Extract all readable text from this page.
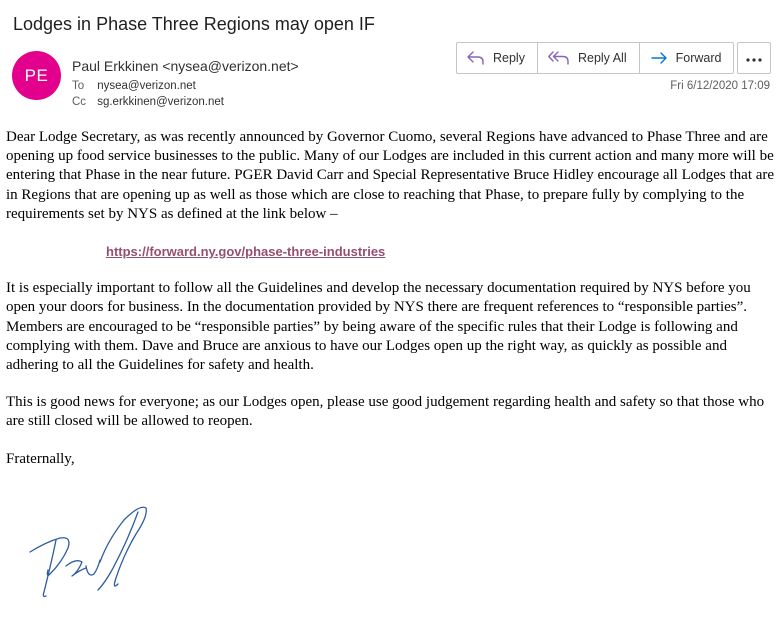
Lodges in Phase Three Regions may open IF
PE Paul Erkkinen <nysea@verizon.net>
To nysea@verizon.net
Cc sg.erkkinen@verizon.net
Reply	Reply All	Forward
Fri 6/12/2020 17:09

Dear Lodge Secretary, as was recently announced by Governor Cuomo, several Regions have advanced to Phase Three and are opening up food service businesses to the public. Many of our Lodges are included in this current action and many more will be entering that Phase in the near future. PGER David Carr and Special Representative Bruce Hidley encourage all Lodges that are in Regions that are opening up as well as those which are close to reaching that Phase, to prepare fully by complying to the requirements set by NYS as defined at the link below –

https://forward.ny.gov/phase-three-industries

It is especially important to follow all the Guidelines and develop the necessary documentation required by NYS before you open your doors for business. In the documentation provided by NYS there are frequent references to “responsible parties”. Members are encouraged to be “responsible parties” by being aware of the specific rules that their Lodge is following and complying with them. Dave and Bruce are anxious to have our Lodges open up the right way, as quickly as possible and adhering to all the Guidelines for safety and health.

This is good news for everyone; as our Lodges open, please use good judgement regarding health and safety so that those who are still closed will be allowed to reopen.

Fraternally,
